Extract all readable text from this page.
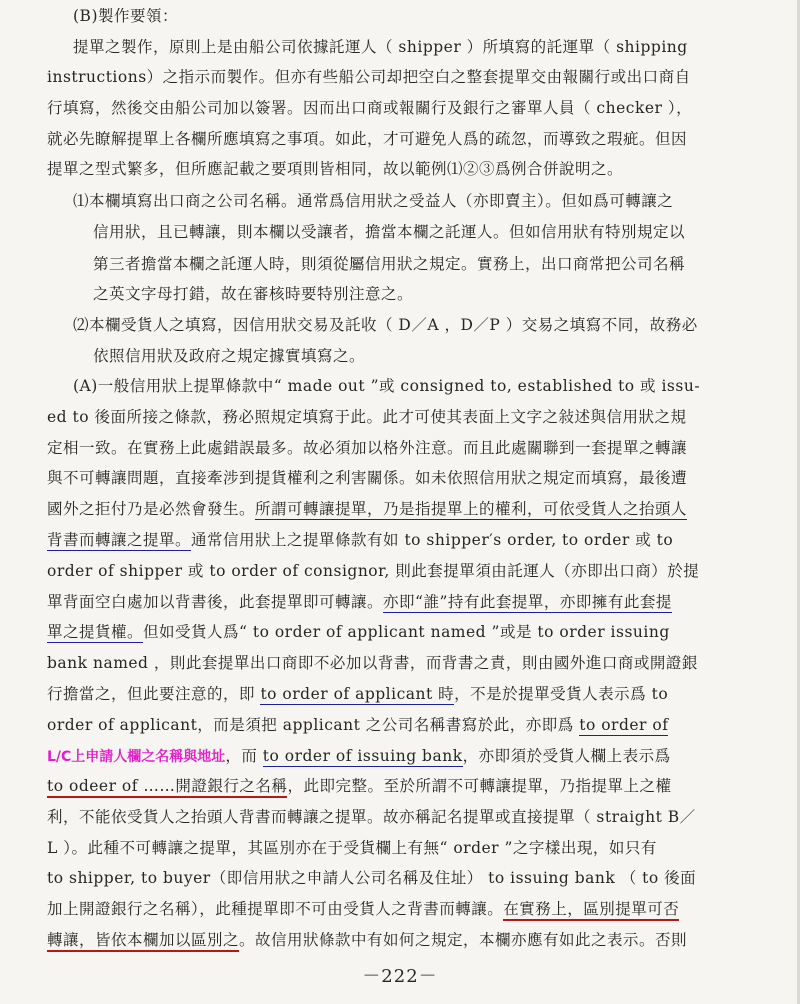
(B)製作要領：
提單之製作，原則上是由船公司依據託運人（ shipper ）所填寫的託運單（ shipping
instructions）之指示而製作。但亦有些船公司却把空白之整套提單交由報關行或出口商自
行填寫，然後交由船公司加以簽署。因而出口商或報關行及銀行之審單人員（ checker ），
就必先瞭解提單上各欄所應填寫之事項。如此，才可避免人爲的疏忽，而導致之瑕疵。但因
提單之型式繁多，但所應記載之要項則皆相同，故以範例⑴②③爲例合併說明之。
⑴本欄填寫出口商之公司名稱。通常爲信用狀之受益人（亦即賣主）。但如爲可轉讓之
信用狀，且已轉讓，則本欄以受讓者，擔當本欄之託運人。但如信用狀有特別規定以
第三者擔當本欄之託運人時，則須從屬信用狀之規定。實務上，出口商常把公司名稱
之英文字母打錯，故在審核時要特別注意之。
⑵本欄受貨人之填寫，因信用狀交易及託收（ D／A ，D／P ）交易之填寫不同，故務必
依照信用狀及政府之規定據實填寫之。
(A)一般信用狀上提單條款中“ made out ”或 consigned to, established to 或 issu-
ed to 後面所接之條款，務必照規定填寫于此。此才可使其表面上文字之敍述與信用狀之規
定相一致。在實務上此處錯誤最多。故必須加以格外注意。而且此處關聯到一套提單之轉讓
與不可轉讓問題，直接牽涉到提貨權利之利害關係。如未依照信用狀之規定而填寫，最後遭
國外之拒付乃是必然會發生。所謂可轉讓提單，乃是指提單上的權利，可依受貨人之抬頭人
背書而轉讓之提單。通常信用狀上之提單條款有如 to shipper′s order, to order 或 to
order of shipper 或 to order of consignor, 則此套提單須由託運人（亦即出口商）於提
單背面空白處加以背書後，此套提單即可轉讓。亦即“誰”持有此套提單，亦即擁有此套提
單之提貨權。但如受貨人爲“ to order of applicant named ”或是 to order issuing
bank named ，則此套提單出口商即不必加以背書，而背書之責，則由國外進口商或開證銀
行擔當之，但此要注意的，即 to order of applicant 時，不是於提單受貨人表示爲 to
order of applicant，而是須把 applicant 之公司名稱書寫於此，亦即爲 to order of
L/C上申請人欄之名稱與地址，而 to order of issuing bank，亦即須於受貨人欄上表示爲
to odeer of ……開證銀行之名稱，此即完整。至於所謂不可轉讓提單，乃指提單上之權
利，不能依受貨人之抬頭人背書而轉讓之提單。故亦稱記名提單或直接提單（ straight B／
L ）。此種不可轉讓之提單，其區別亦在于受貨欄上有無“ order ”之字樣出現，如只有
to shipper, to buyer（即信用狀之申請人公司名稱及住址） to issuing bank （ to 後面
加上開證銀行之名稱），此種提單即不可由受貨人之背書而轉讓。在實務上，區別提單可否
轉讓，皆依本欄加以區別之。故信用狀條款中有如何之規定，本欄亦應有如此之表示。否則
－222－
